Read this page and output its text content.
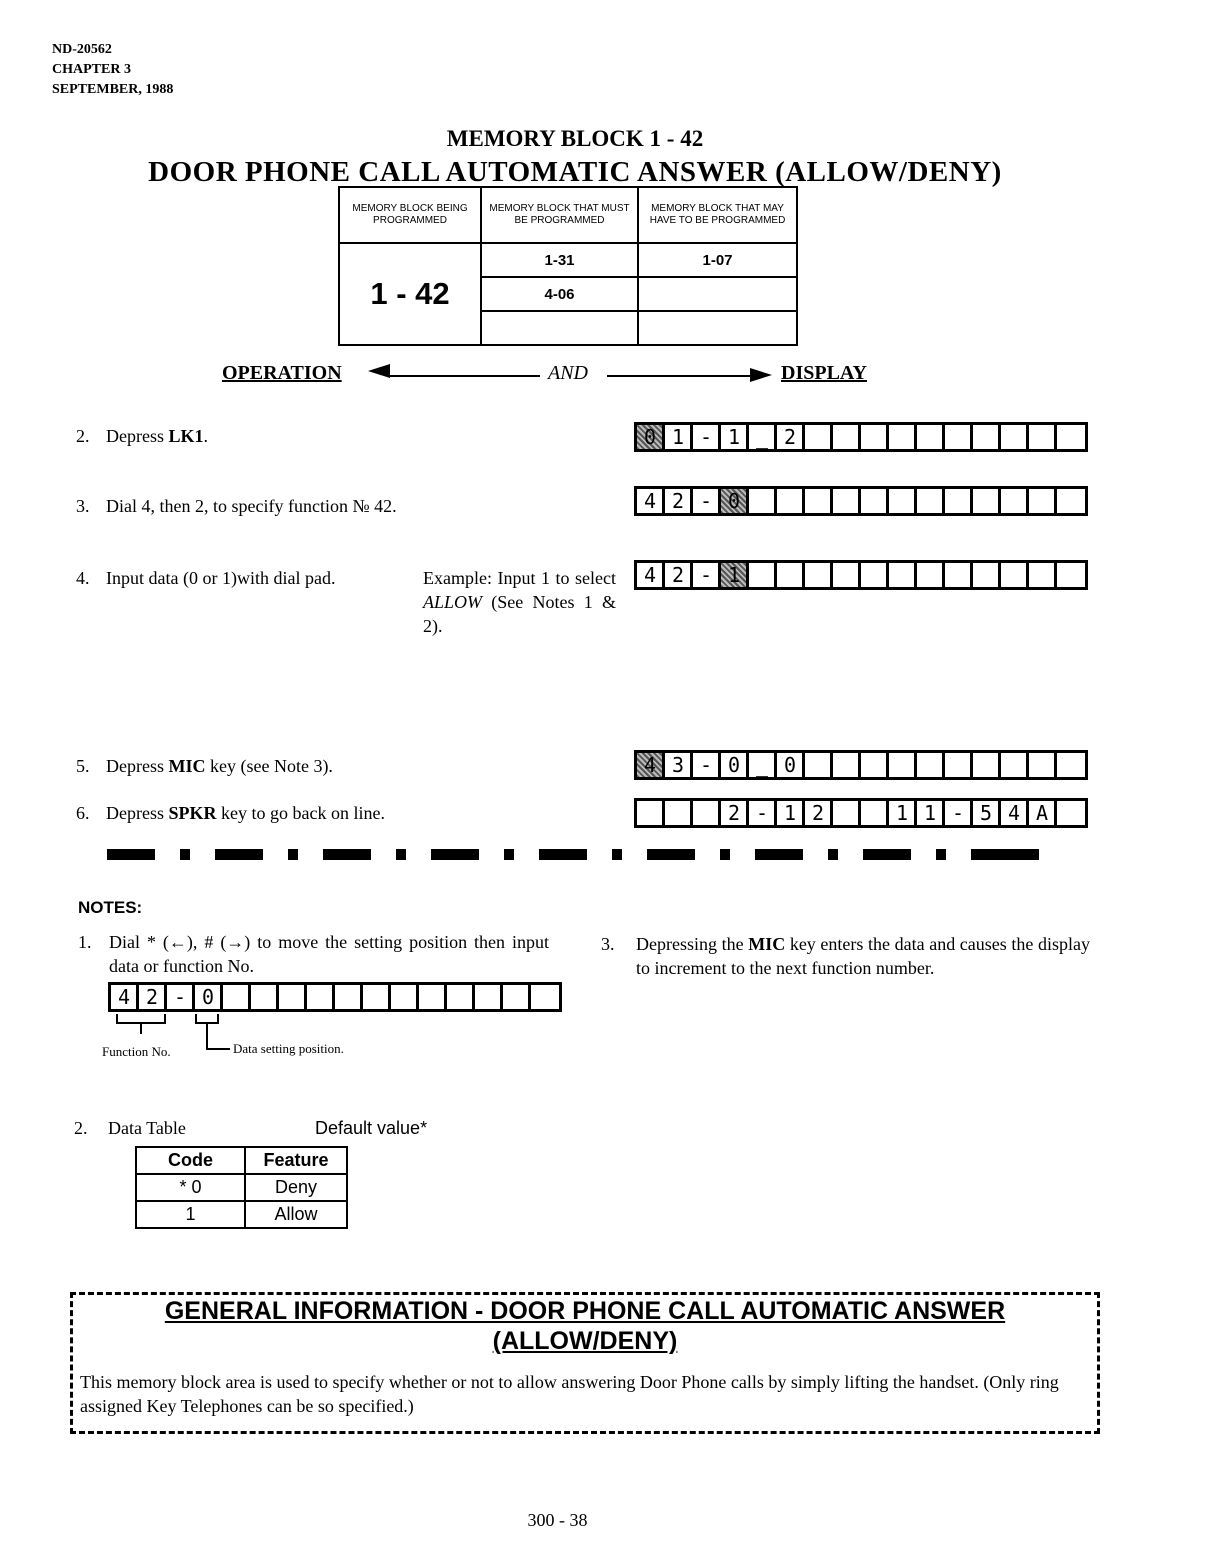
ND-20562
CHAPTER 3
SEPTEMBER, 1988
MEMORY BLOCK 1 - 42
DOOR PHONE CALL AUTOMATIC ANSWER (ALLOW/DENY)
MEMORY BLOCK BEING PROGRAMMED	MEMORY BLOCK THAT MUST BE PROGRAMMED	MEMORY BLOCK THAT MAY HAVE TO BE PROGRAMMED
1 - 42	1-31	1-07
	4-06	

OPERATION	AND	DISPLAY
2. Depress LK1.	0 1 - 1 _ 2
3. Dial 4, then 2, to specify function № 42.	4 2 - 0
4. Input data (0 or 1)with dial pad.	Example: Input 1 to select ALLOW (See Notes 1 & 2).
4 2 - 1
5. Depress MIC key (see Note 3).	4 3 - 0 _ 0
6. Depress SPKR key to go back on line.	2 - 1 2	1 1 - 5 4 A
NOTES:
1. Dial * (←), # (→) to move the setting position then input data or function No.
4 2 - 0
Function No.	Data setting position.
3. Depressing the MIC key enters the data and causes the display to increment to the next function number.
2. Data Table	Default value*
Code	Feature
* 0	Deny
1	Allow
GENERAL INFORMATION - DOOR PHONE CALL AUTOMATIC ANSWER
(ALLOW/DENY)
This memory block area is used to specify whether or not to allow answering Door Phone calls by simply lifting the handset. (Only ring assigned Key Telephones can be so specified.)
300 - 38
